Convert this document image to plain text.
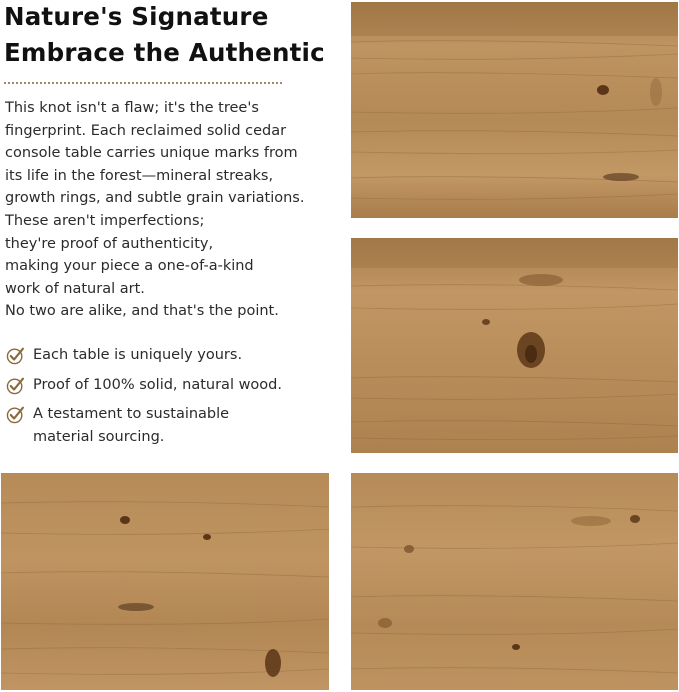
Nature's Signature
Embrace the Authentic

This knot isn't a flaw; it's the tree's
fingerprint. Each reclaimed solid cedar
console table carries unique marks from
its life in the forest—mineral streaks,
growth rings, and subtle grain variations.
These aren't imperfections;
they're proof of authenticity,
making your piece a one-of-a-kind
work of natural art.
No two are alike, and that's the point.

Each table is uniquely yours.
Proof of 100% solid, natural wood.
A testament to sustainable
material sourcing.
